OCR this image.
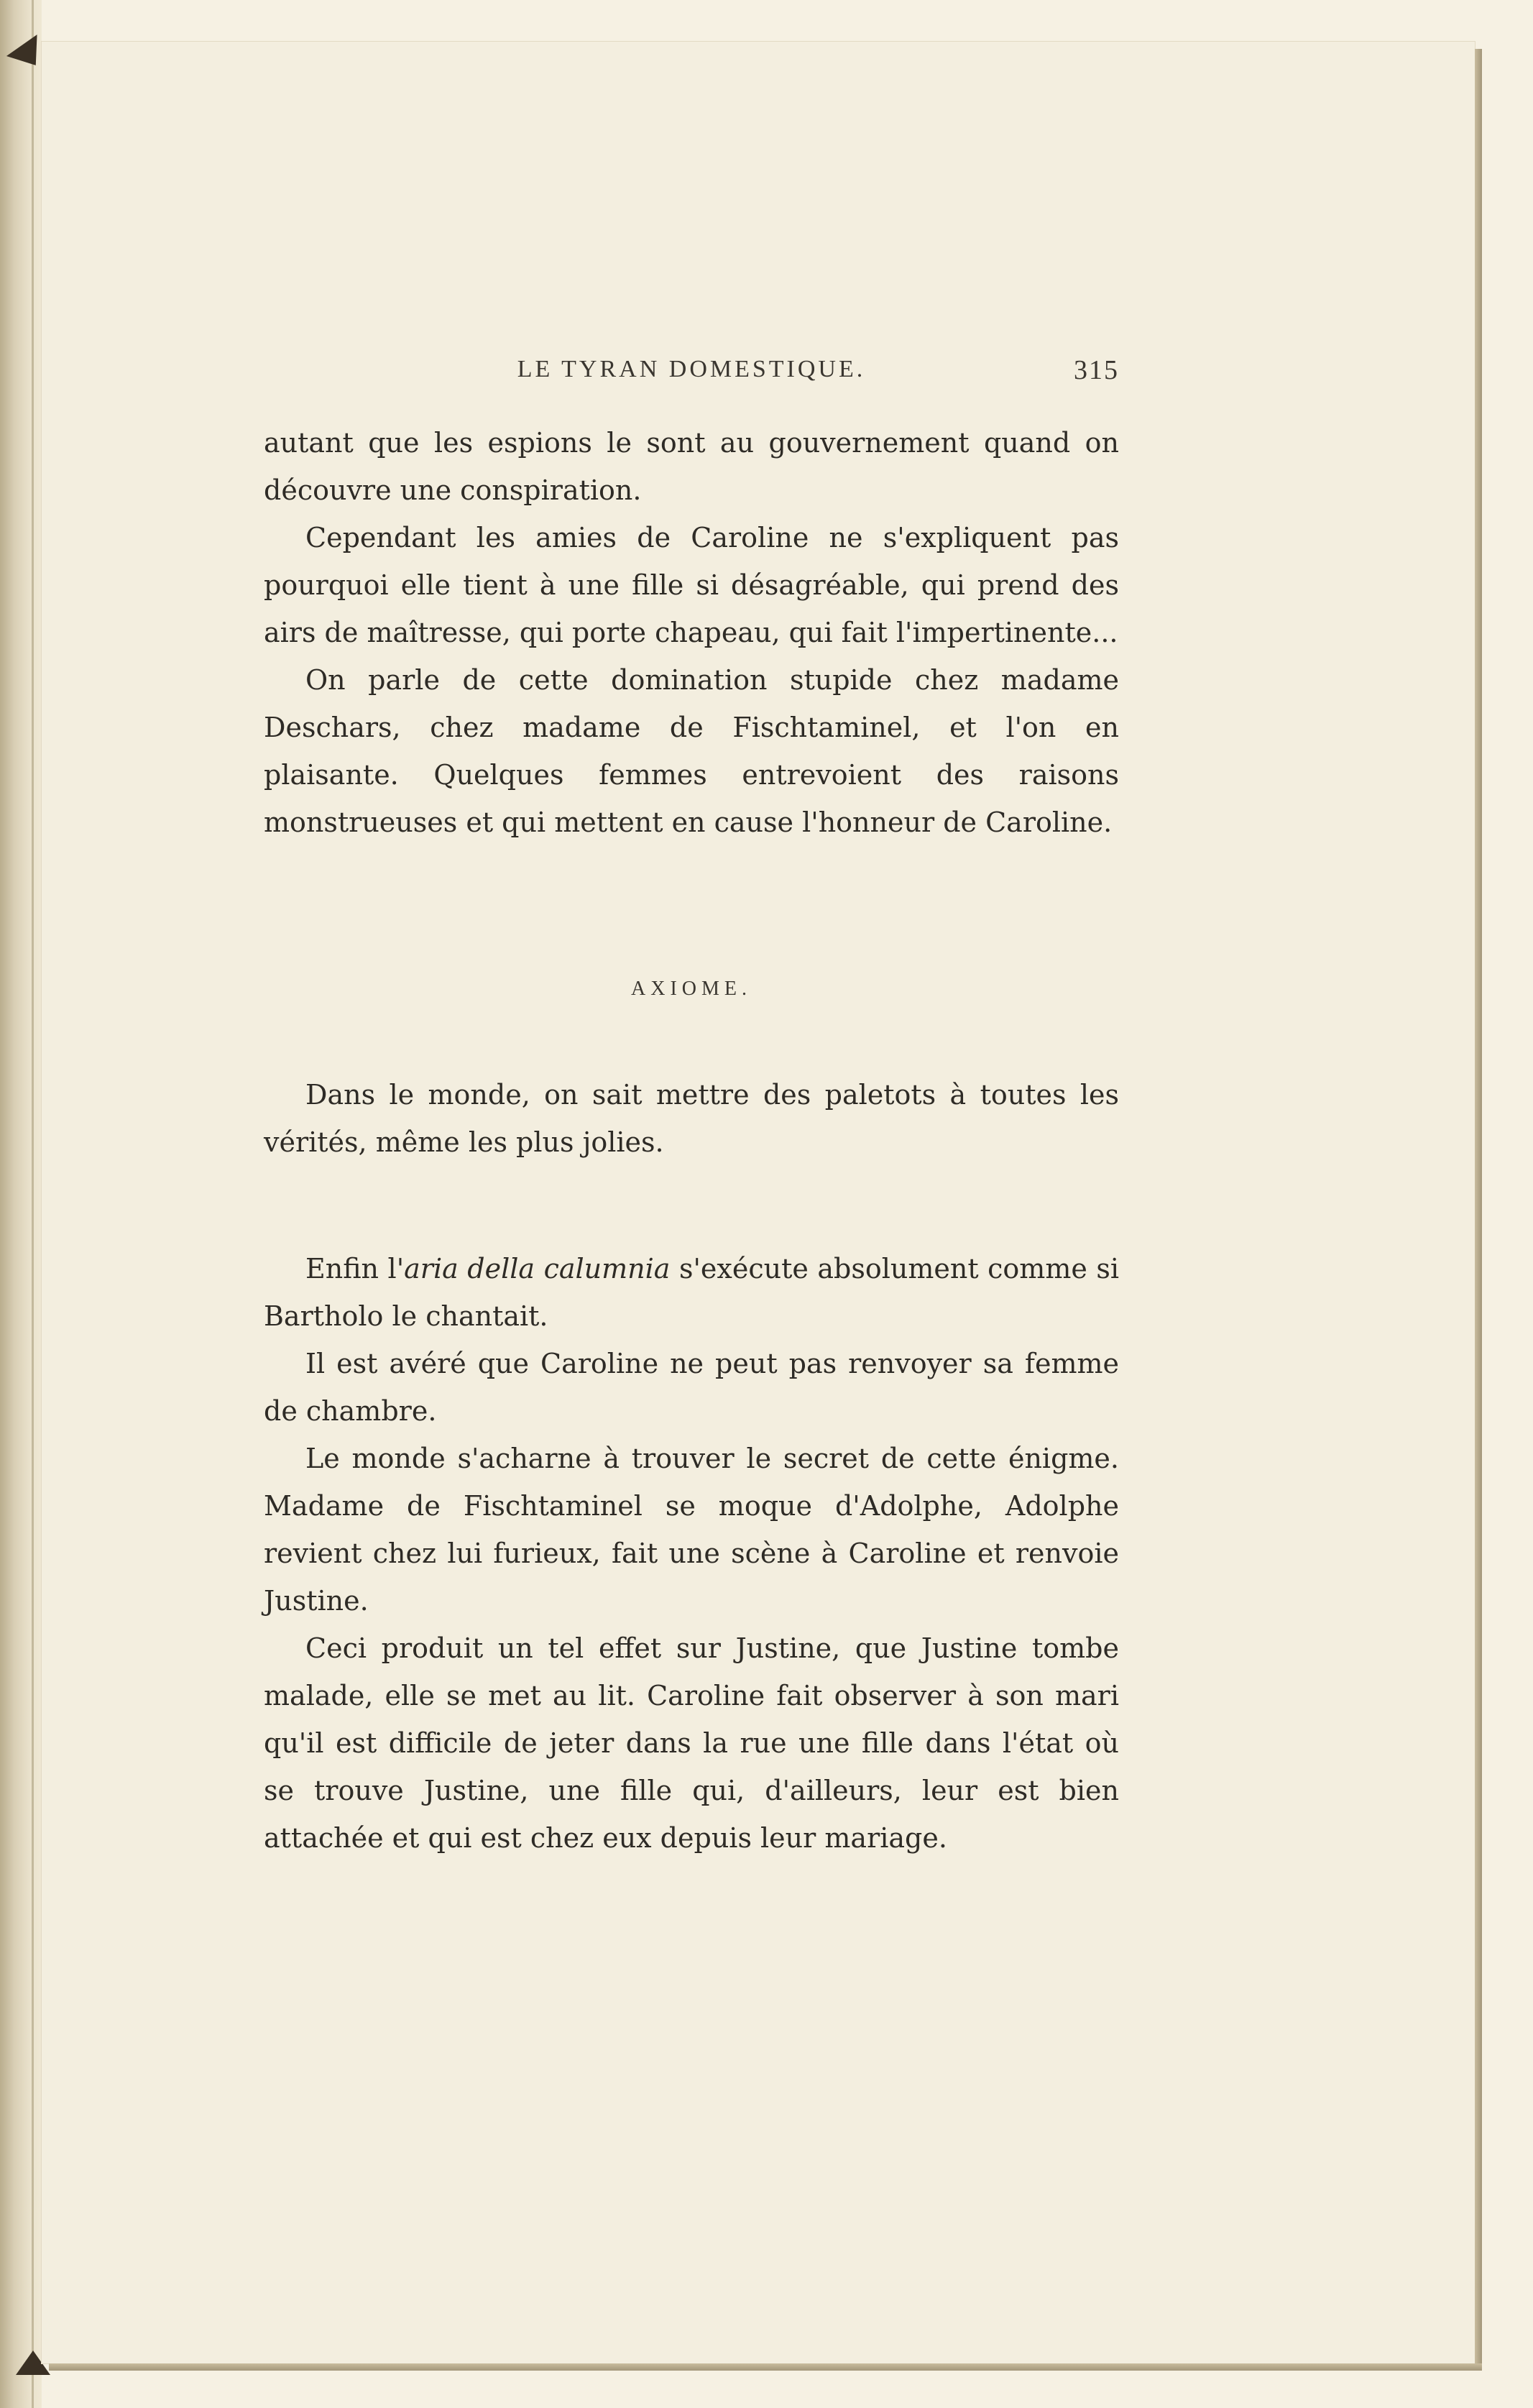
LE TYRAN DOMESTIQUE.	315

autant que les espions le sont au gouvernement quand on découvre une conspiration.

Cependant les amies de Caroline ne s'expliquent pas pourquoi elle tient à une fille si désagréable, qui prend des airs de maîtresse, qui porte chapeau, qui fait l'impertinente...

On parle de cette domination stupide chez madame Deschars, chez madame de Fischtaminel, et l'on en plaisante. Quelques femmes entrevoient des raisons monstrueuses et qui mettent en cause l'honneur de Caroline.

AXIOME.

Dans le monde, on sait mettre des paletots à toutes les vérités, même les plus jolies.

Enfin l'aria della calumnia s'exécute absolument comme si Bartholo le chantait.

Il est avéré que Caroline ne peut pas renvoyer sa femme de chambre.

Le monde s'acharne à trouver le secret de cette énigme. Madame de Fischtaminel se moque d'Adolphe, Adolphe revient chez lui furieux, fait une scène à Caroline et renvoie Justine.

Ceci produit un tel effet sur Justine, que Justine tombe malade, elle se met au lit. Caroline fait observer à son mari qu'il est difficile de jeter dans la rue une fille dans l'état où se trouve Justine, une fille qui, d'ailleurs, leur est bien attachée et qui est chez eux depuis leur mariage.
